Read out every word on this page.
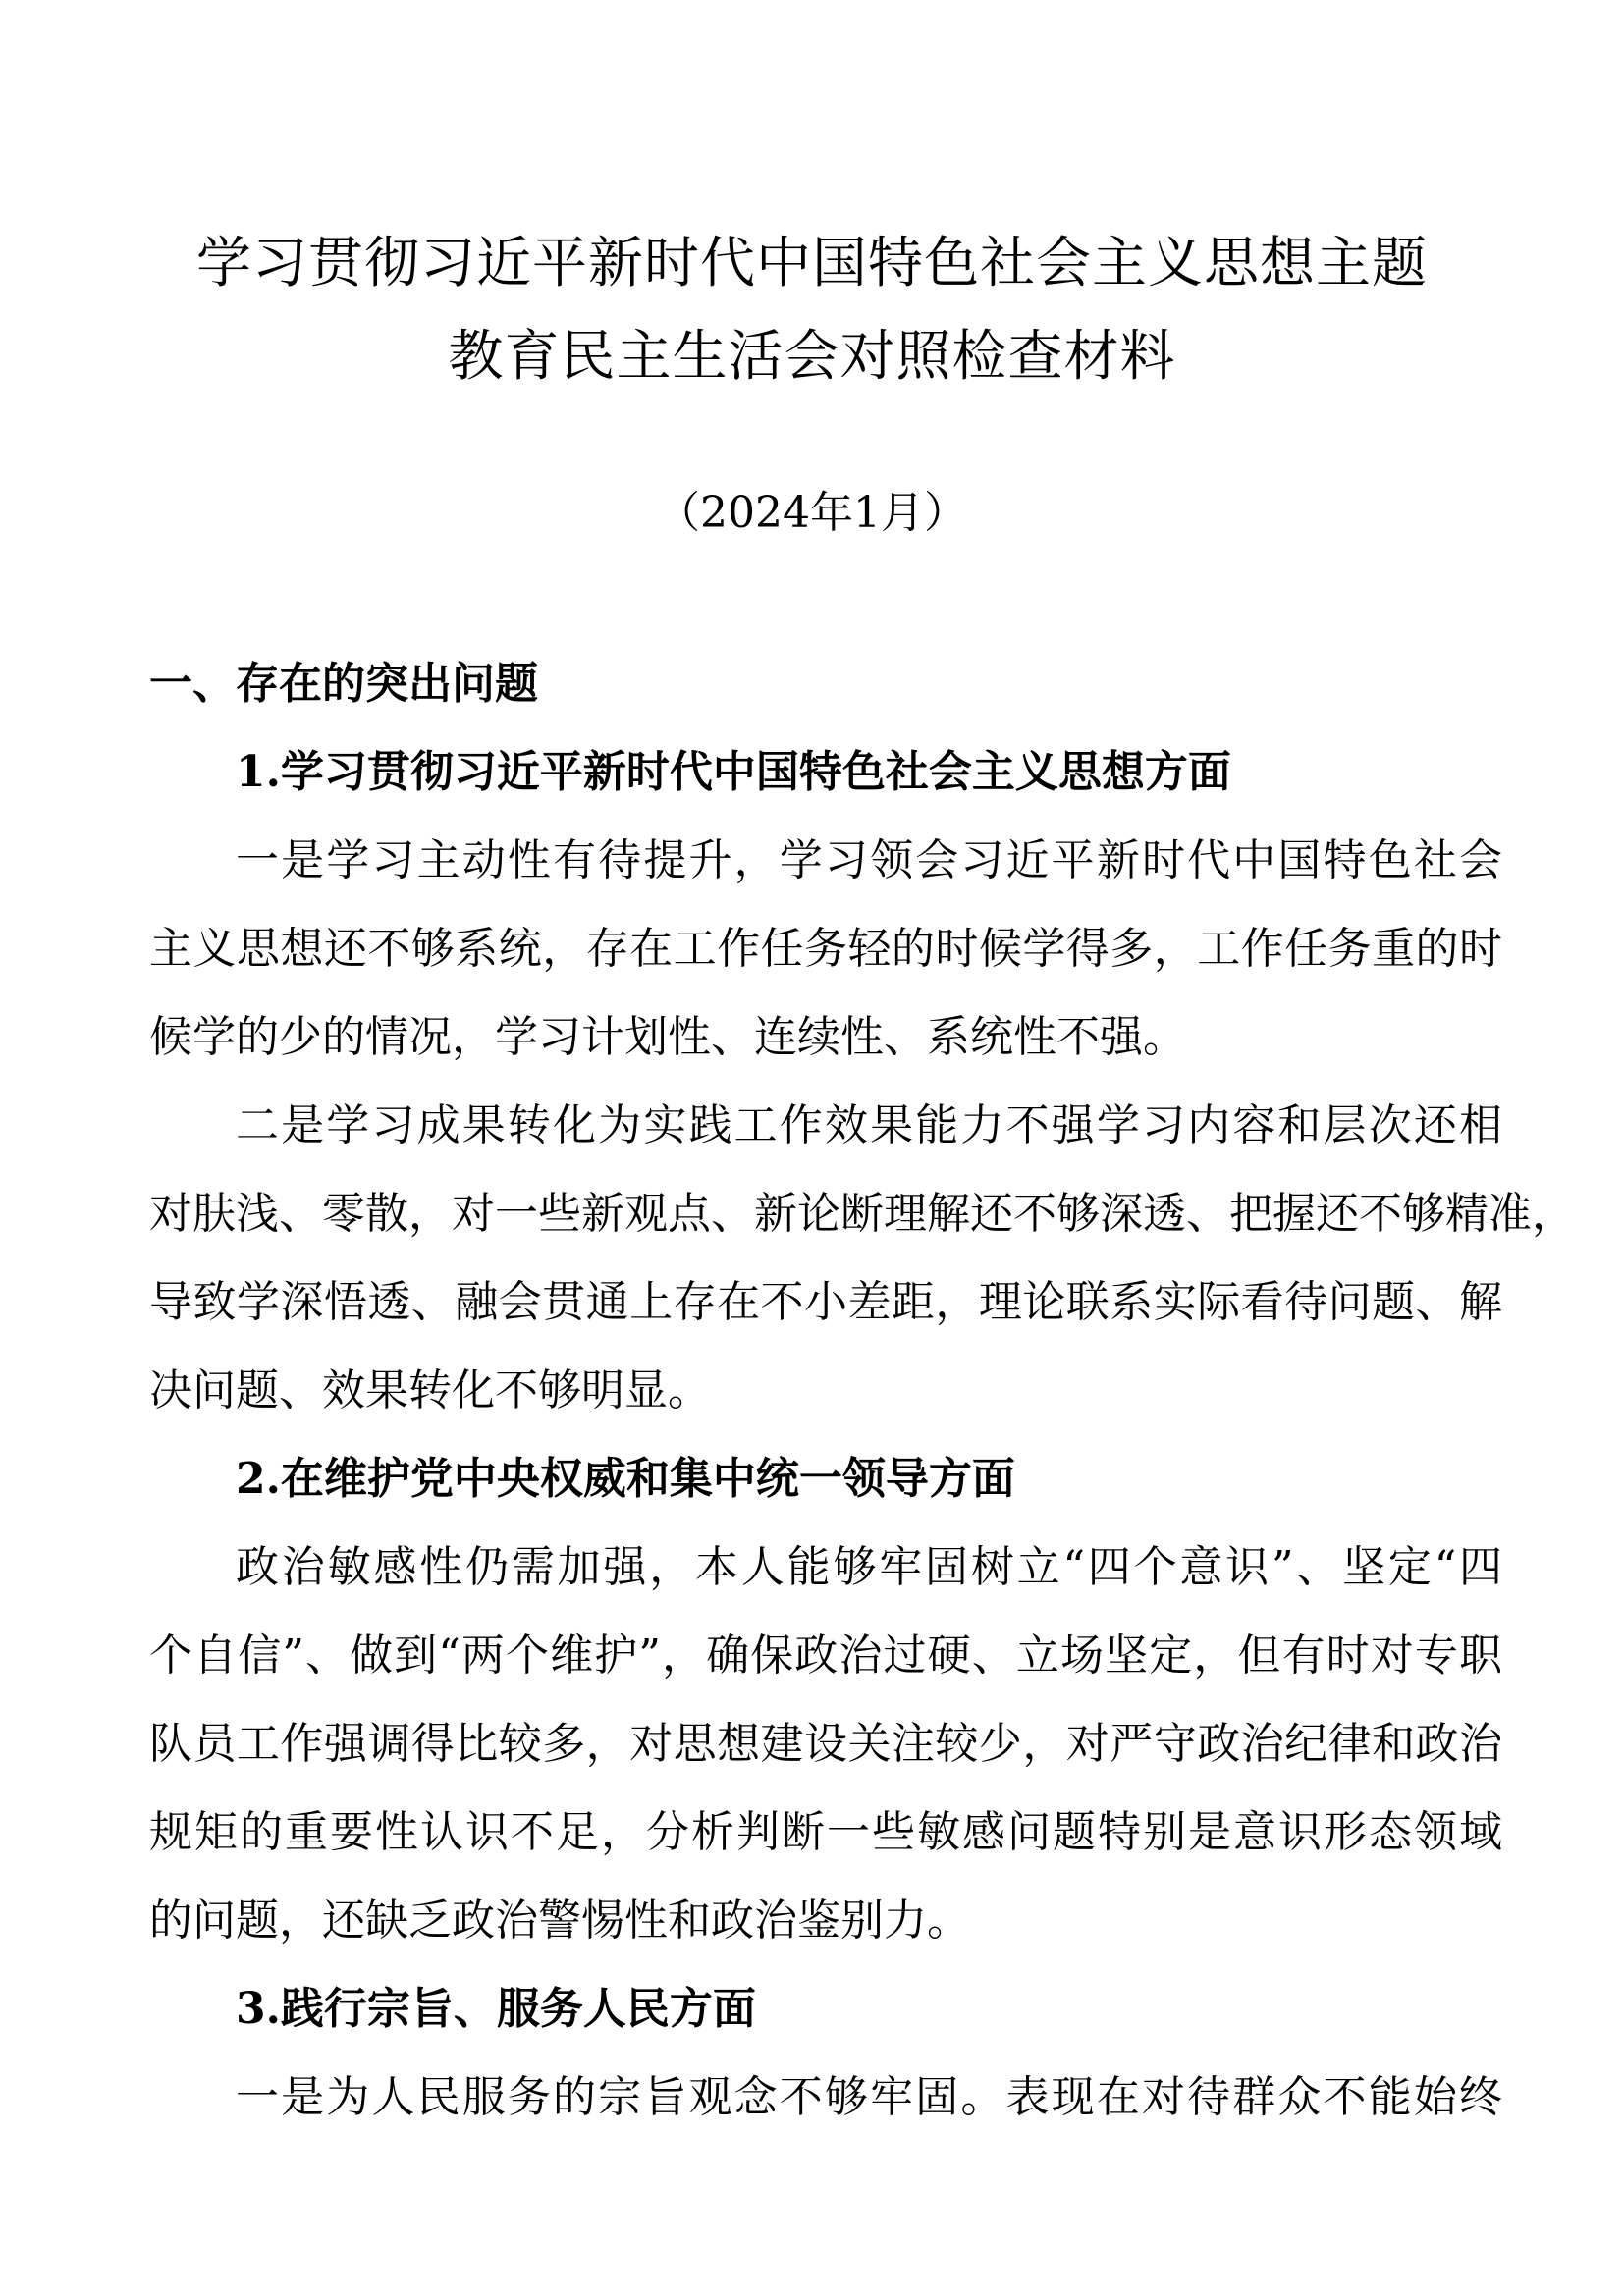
学习贯彻习近平新时代中国特色社会主义思想主题
教育民主生活会对照检查材料
（2024年1月）
一、存在的突出问题
1.学习贯彻习近平新时代中国特色社会主义思想方面
一是学习主动性有待提升，学习领会习近平新时代中国特色社会
主义思想还不够系统，存在工作任务轻的时候学得多，工作任务重的时
候学的少的情况，学习计划性、连续性、系统性不强。
二是学习成果转化为实践工作效果能力不强学习内容和层次还相
对肤浅、零散，对一些新观点、新论断理解还不够深透、把握还不够精准，
导致学深悟透、融会贯通上存在不小差距，理论联系实际看待问题、解
决问题、效果转化不够明显。
2.在维护党中央权威和集中统一领导方面
政治敏感性仍需加强，本人能够牢固树立“四个意识”、坚定“四
个自信”、做到“两个维护”，确保政治过硬、立场坚定，但有时对专职
队员工作强调得比较多，对思想建设关注较少，对严守政治纪律和政治
规矩的重要性认识不足，分析判断一些敏感问题特别是意识形态领域
的问题，还缺乏政治警惕性和政治鉴别力。
3.践行宗旨、服务人民方面
一是为人民服务的宗旨观念不够牢固。表现在对待群众不能始终
